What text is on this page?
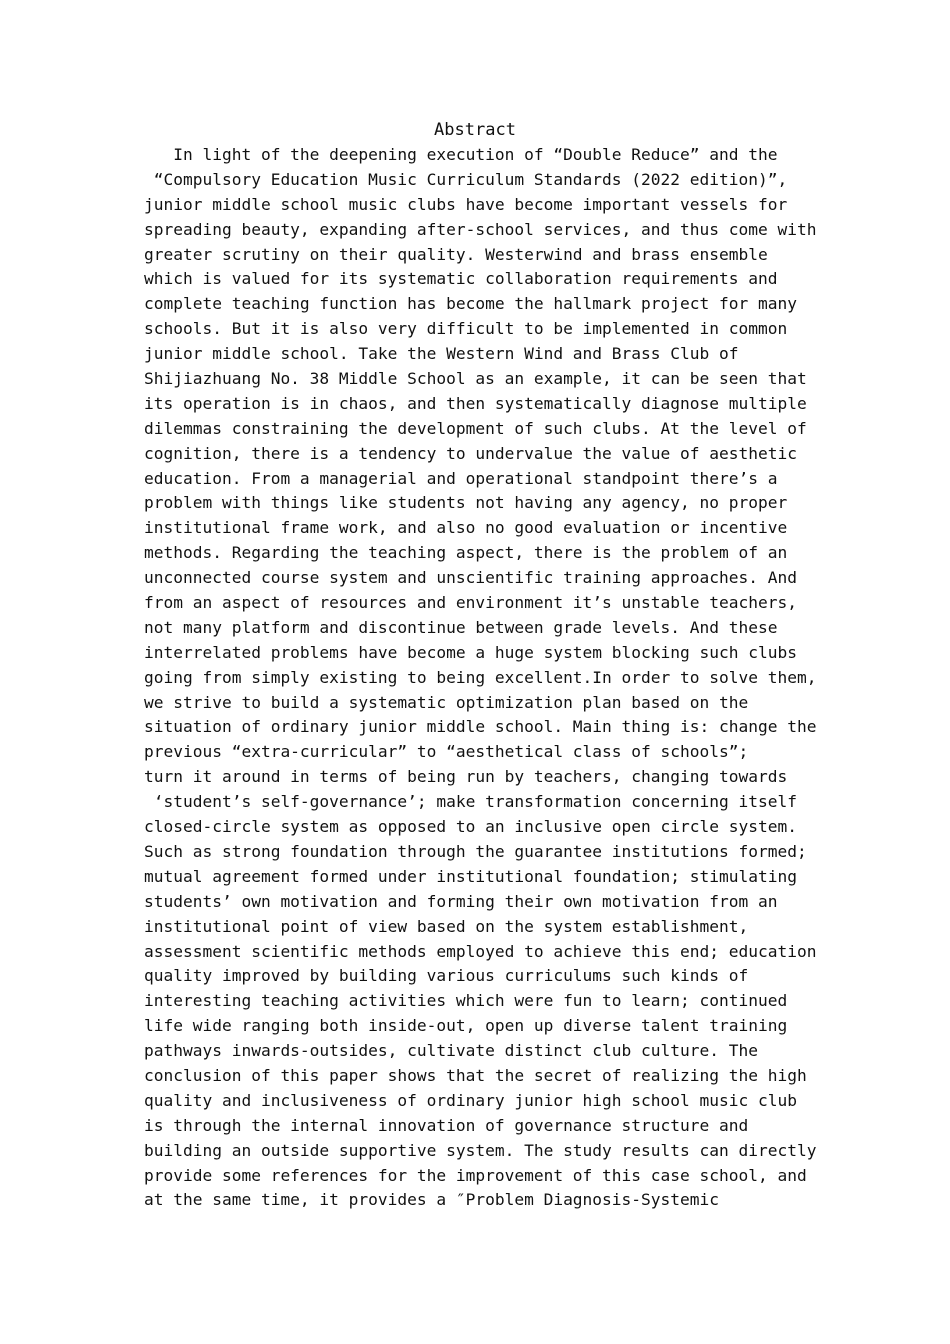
Abstract
In light of the deepening execution of “Double Reduce” and the
“Compulsory Education Music Curriculum Standards (2022 edition)”,
junior middle school music clubs have become important vessels for
spreading beauty, expanding after-school services, and thus come with
greater scrutiny on their quality. Westerwind and brass ensemble
which is valued for its systematic collaboration requirements and
complete teaching function has become the hallmark project for many
schools. But it is also very difficult to be implemented in common
junior middle school. Take the Western Wind and Brass Club of
Shijiazhuang No. 38 Middle School as an example, it can be seen that
its operation is in chaos, and then systematically diagnose multiple
dilemmas constraining the development of such clubs. At the level of
cognition, there is a tendency to undervalue the value of aesthetic
education. From a managerial and operational standpoint there’s a
problem with things like students not having any agency, no proper
institutional frame work, and also no good evaluation or incentive
methods. Regarding the teaching aspect, there is the problem of an
unconnected course system and unscientific training approaches. And
from an aspect of resources and environment it’s unstable teachers,
not many platform and discontinue between grade levels. And these
interrelated problems have become a huge system blocking such clubs
going from simply existing to being excellent.In order to solve them,
we strive to build a systematic optimization plan based on the
situation of ordinary junior middle school. Main thing is: change the
previous “extra-curricular” to “aesthetical class of schools”;
turn it around in terms of being run by teachers, changing towards
‘student’s self-governance’; make transformation concerning itself
closed-circle system as opposed to an inclusive open circle system.
Such as strong foundation through the guarantee institutions formed;
mutual agreement formed under institutional foundation; stimulating
students’ own motivation and forming their own motivation from an
institutional point of view based on the system establishment,
assessment scientific methods employed to achieve this end; education
quality improved by building various curriculums such kinds of
interesting teaching activities which were fun to learn; continued
life wide ranging both inside-out, open up diverse talent training
pathways inwards-outsides, cultivate distinct club culture. The
conclusion of this paper shows that the secret of realizing the high
quality and inclusiveness of ordinary junior high school music club
is through the internal innovation of governance structure and
building an outside supportive system. The study results can directly
provide some references for the improvement of this case school, and
at the same time, it provides a ″Problem Diagnosis-Systemic
